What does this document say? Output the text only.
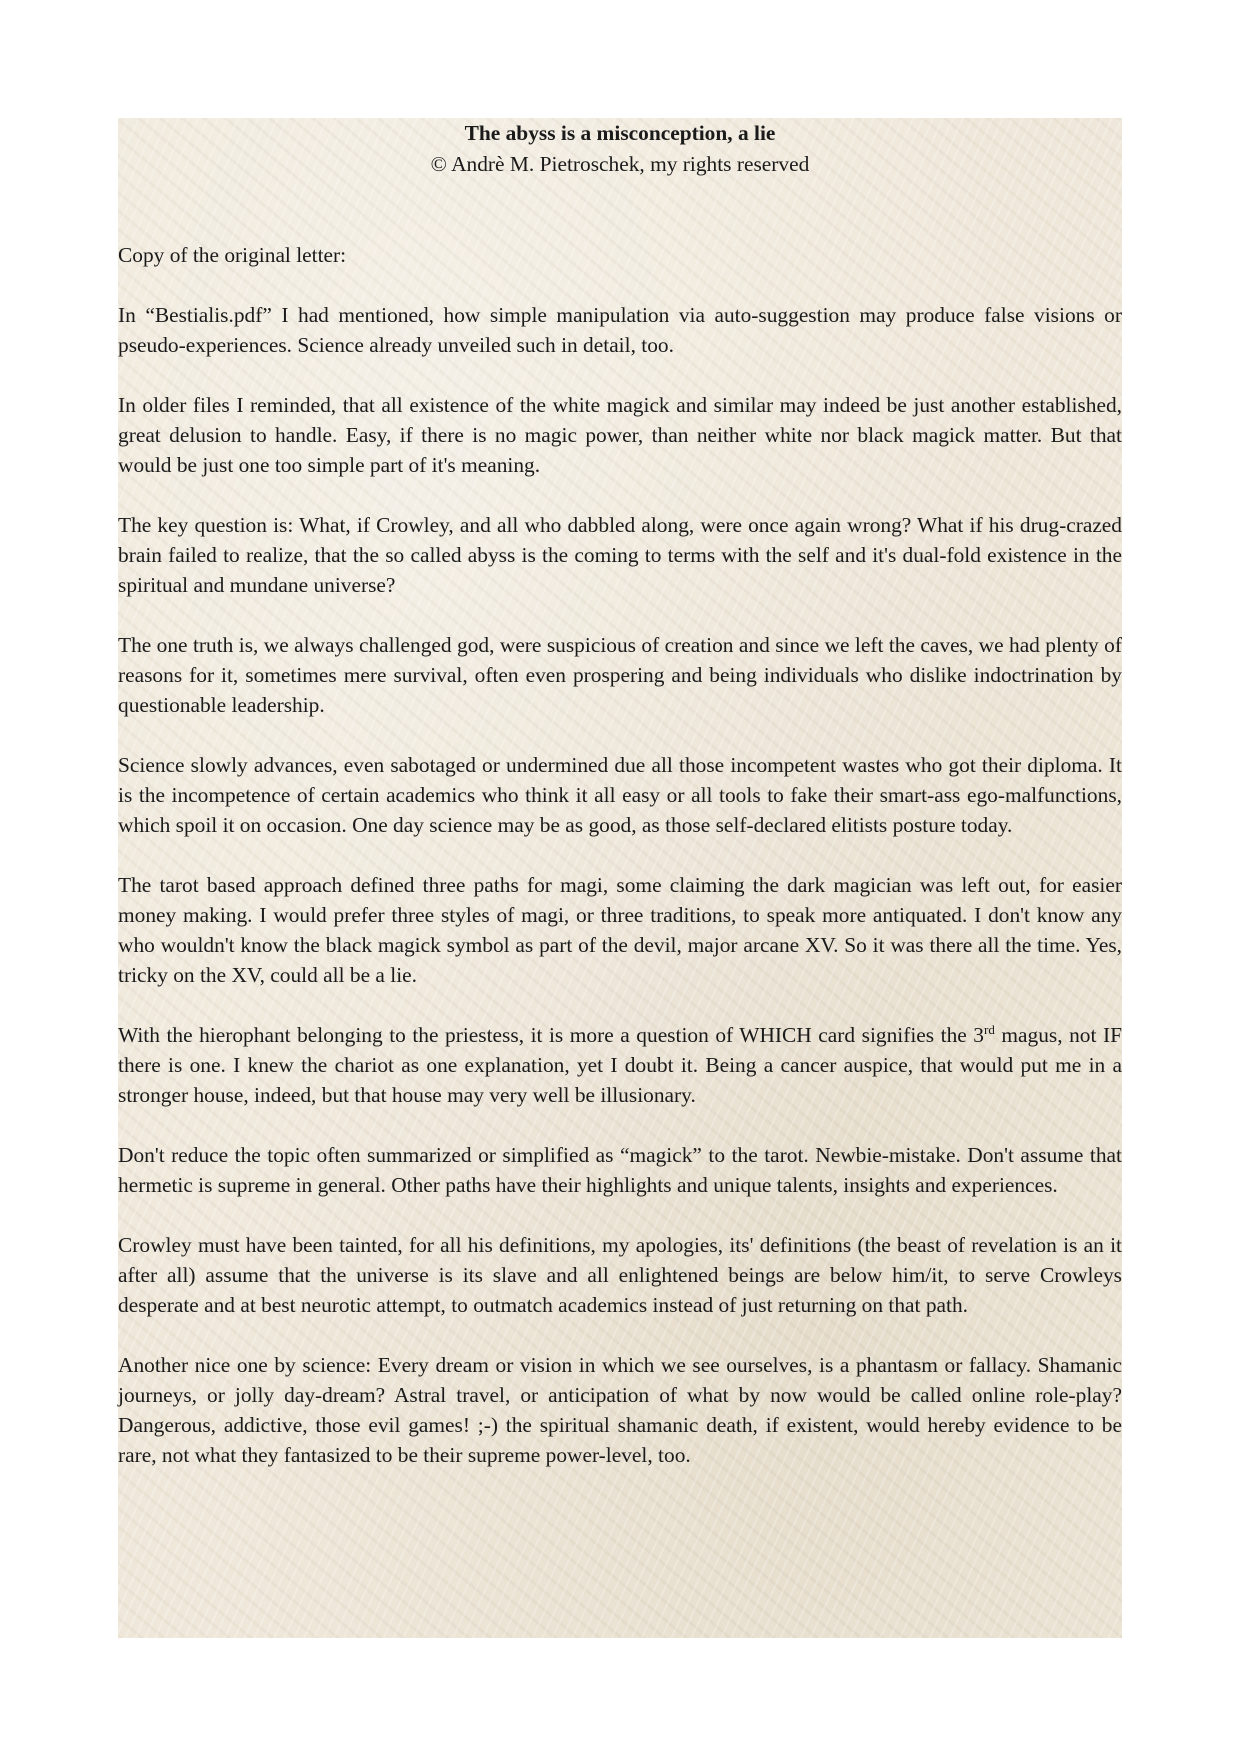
The abyss is a misconception, a lie

© Andrè M. Pietroschek, my rights reserved

Copy of the original letter:

In “Bestialis.pdf” I had mentioned, how simple manipulation via auto-suggestion may produce false visions or pseudo-experiences. Science already unveiled such in detail, too.

In older files I reminded, that all existence of the white magick and similar may indeed be just another established, great delusion to handle. Easy, if there is no magic power, than neither white nor black magick matter. But that would be just one too simple part of it's meaning.

The key question is: What, if Crowley, and all who dabbled along, were once again wrong? What if his drug-crazed brain failed to realize, that the so called abyss is the coming to terms with the self and it's dual-fold existence in the spiritual and mundane universe?

The one truth is, we always challenged god, were suspicious of creation and since we left the caves, we had plenty of reasons for it, sometimes mere survival, often even prospering and being individuals who dislike indoctrination by questionable leadership.

Science slowly advances, even sabotaged or undermined due all those incompetent wastes who got their diploma. It is the incompetence of certain academics who think it all easy or all tools to fake their smart-ass ego-malfunctions, which spoil it on occasion. One day science may be as good, as those self-declared elitists posture today.

The tarot based approach defined three paths for magi, some claiming the dark magician was left out, for easier money making. I would prefer three styles of magi, or three traditions, to speak more antiquated. I don't know any who wouldn't know the black magick symbol as part of the devil, major arcane XV. So it was there all the time. Yes, tricky on the XV, could all be a lie.

With the hierophant belonging to the priestess, it is more a question of WHICH card signifies the 3rd magus, not IF there is one. I knew the chariot as one explanation, yet I doubt it. Being a cancer auspice, that would put me in a stronger house, indeed, but that house may very well be illusionary.

Don't reduce the topic often summarized or simplified as “magick” to the tarot. Newbie-mistake. Don't assume that hermetic is supreme in general. Other paths have their highlights and unique talents, insights and experiences.

Crowley must have been tainted, for all his definitions, my apologies, its' definitions (the beast of revelation is an it after all) assume that the universe is its slave and all enlightened beings are below him/it, to serve Crowleys desperate and at best neurotic attempt, to outmatch academics instead of just returning on that path.

Another nice one by science: Every dream or vision in which we see ourselves, is a phantasm or fallacy. Shamanic journeys, or jolly day-dream? Astral travel, or anticipation of what by now would be called online role-play? Dangerous, addictive, those evil games! ;-) the spiritual shamanic death, if existent, would hereby evidence to be rare, not what they fantasized to be their supreme power-level, too.
